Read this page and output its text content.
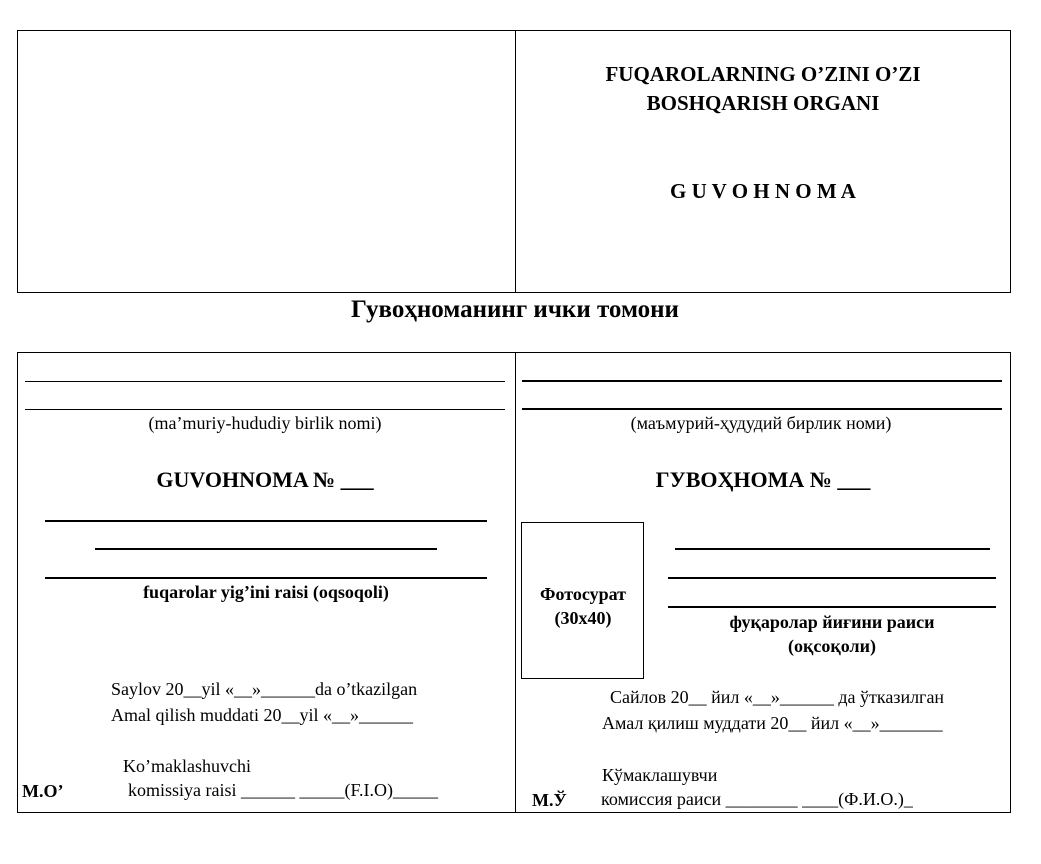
FUQAROLARNING O’ZINI O’ZI
BOSHQARISH ORGANI
G U V O H N O M A
Гувоҳноманинг ички томони
(ma’muriy-hududiy birlik nomi)
GUVOHNOMA № ___
fuqarolar yig’ini raisi (oqsoqoli)
Saylov 20__yil «__»______da o’tkazilgan
Amal qilish muddati 20__yil «__»______
Ko’maklashuvchi
komissiya raisi ______ _____(F.I.O)_____
M.O’
(маъмурий-ҳудудий бирлик номи)
ГУВОҲНОМА № ___
Фотосурат
(30x40)	фуқаролар йиғини раиси
(оқсоқоли)
Сайлов 20__ йил «__»______ да ўтказилган
Амал қилиш муддати 20__ йил «__»_______
Кўмаклашувчи
комиссия раиси ________ ____(Ф.И.О.)_
М.Ў
